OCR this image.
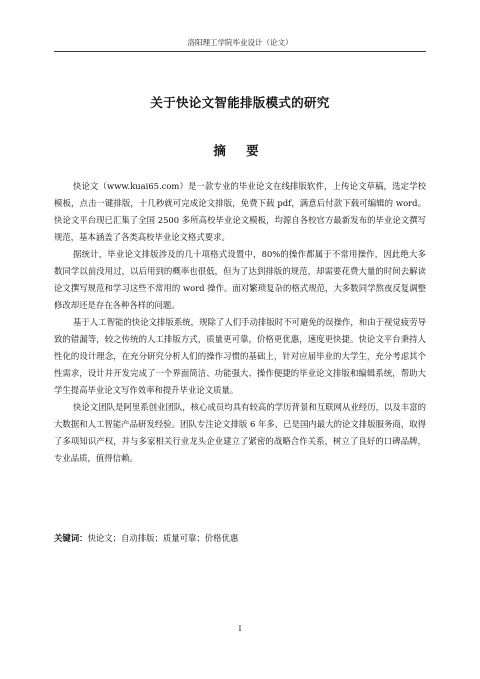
洛阳理工学院毕业设计（论文）
关于快论文智能排版模式的研究
摘 要

快论文（www.kuai65.com）是一款专业的毕业论文在线排版软件，上传论文草稿，选定学校模板，点击一键排版，十几秒就可完成论文排版，免费下载 pdf，满意后付款下载可编辑的 word。快论文平台现已汇集了全国 2500 多所高校毕业论文模板，均源自各校官方最新发布的毕业论文撰写规范，基本涵盖了各类高校毕业论文格式要求。

据统计，毕业论文排版涉及的几十项格式设置中，80%的操作都属于不常用操作，因此绝大多数同学以前没用过，以后用到的概率也很低，但为了达到排版的规范，却需要花费大量的时间去解读论文撰写规范和学习这些不常用的 word 操作。面对繁琐复杂的格式规范，大多数同学熬夜反复调整修改却还是存在各种各样的问题。

基于人工智能的快论文排版系统，规除了人们手动排版时不可避免的误操作，和由于视觉疲劳导致的错漏等，较之传统的人工排版方式，质量更可靠，价格更优惠，速度更快捷。快论文平台秉持人性化的设计理念，在充分研究分析人们的操作习惯的基础上，针对应届毕业的大学生，充分考虑其个性需求，设计并开发完成了一个界面简洁、功能强大、操作便捷的毕业论文排版和编辑系统，帮助大学生提高毕业论文写作效率和提升毕业论文质量。

快论文团队是阿里系创业团队，核心成员均具有较高的学历背景和互联网从业经历，以及丰富的大数据和人工智能产品研发经验。团队专注论文排版 6 年多，已是国内最大的论文排版服务商，取得了多项知识产权，并与多家相关行业龙头企业建立了紧密的战略合作关系，树立了良好的口碑品牌，专业品质，值得信赖。

关键词：快论文；自动排版；质量可靠；价格优惠
I
